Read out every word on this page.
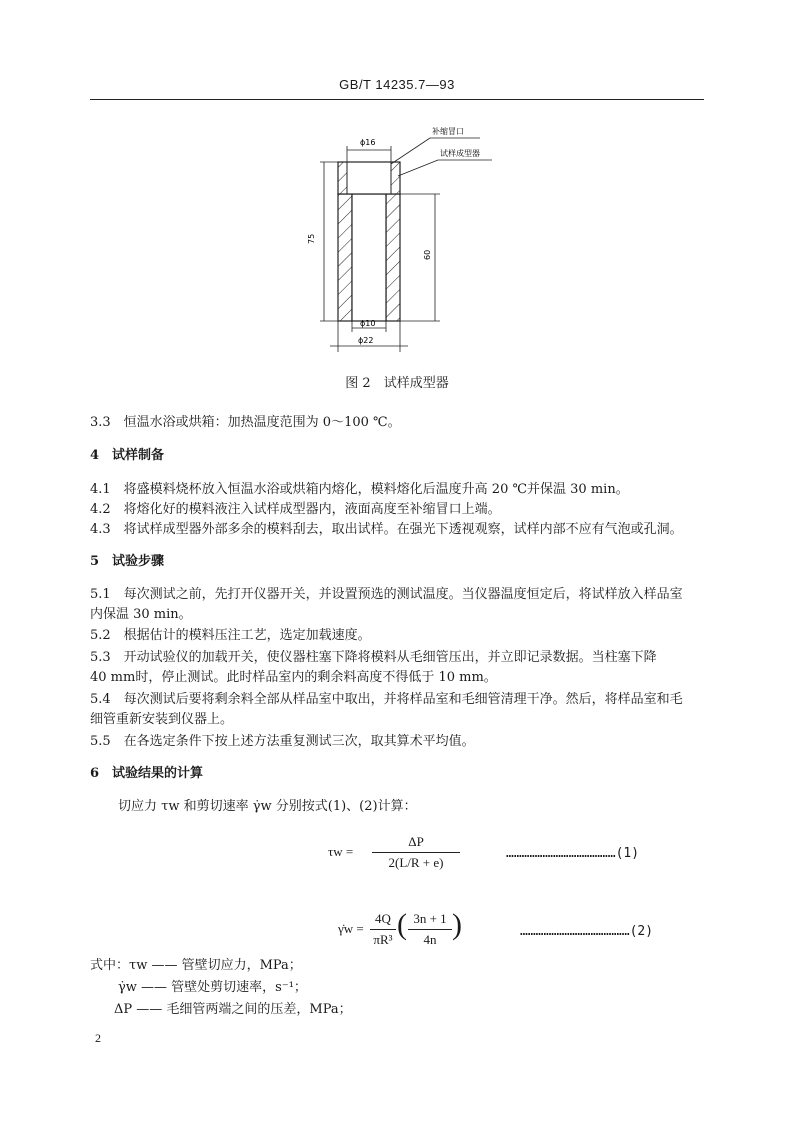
GB/T 14235.7—93
ϕ16
补缩冒口
试样成型器
75
60
ϕ10
ϕ22
图 2　试样成型器
3.3　恒温水浴或烘箱：加热温度范围为 0～100 ℃。
4　试样制备
4.1　将盛模料烧杯放入恒温水浴或烘箱内熔化，模料熔化后温度升高 20 ℃并保温 30 min。
4.2　将熔化好的模料液注入试样成型器内，液面高度至补缩冒口上端。
4.3　将试样成型器外部多余的模料刮去，取出试样。在强光下透视观察，试样内部不应有气泡或孔洞。
5　试验步骤
5.1　每次测试之前，先打开仪器开关，并设置预选的测试温度。当仪器温度恒定后，将试样放入样品室
内保温 30 min。
5.2　根据估计的模料压注工艺，选定加载速度。
5.3　开动试验仪的加载开关，使仪器柱塞下降将模料从毛细管压出，并立即记录数据。当柱塞下降
40 mm时，停止测试。此时样品室内的剩余料高度不得低于 10 mm。
5.4　每次测试后要将剩余料全部从样品室中取出，并将样品室和毛细管清理干净。然后，将样品室和毛
细管重新安装到仪器上。
5.5　在各选定条件下按上述方法重复测试三次，取其算术平均值。
6　试验结果的计算
切应力 τw 和剪切速率 γ̇w 分别按式(1)、(2)计算：
τw =
ΔP
2(L/R + e)
……………………………………(1)
γ̇w =
4Q
πR³ ( 3n + 1
4n )	……………………………………(2)
式中：τw —— 管壁切应力，MPa；
γ̇w —— 管壁处剪切速率，s⁻¹；
ΔP —— 毛细管两端之间的压差，MPa；
2
